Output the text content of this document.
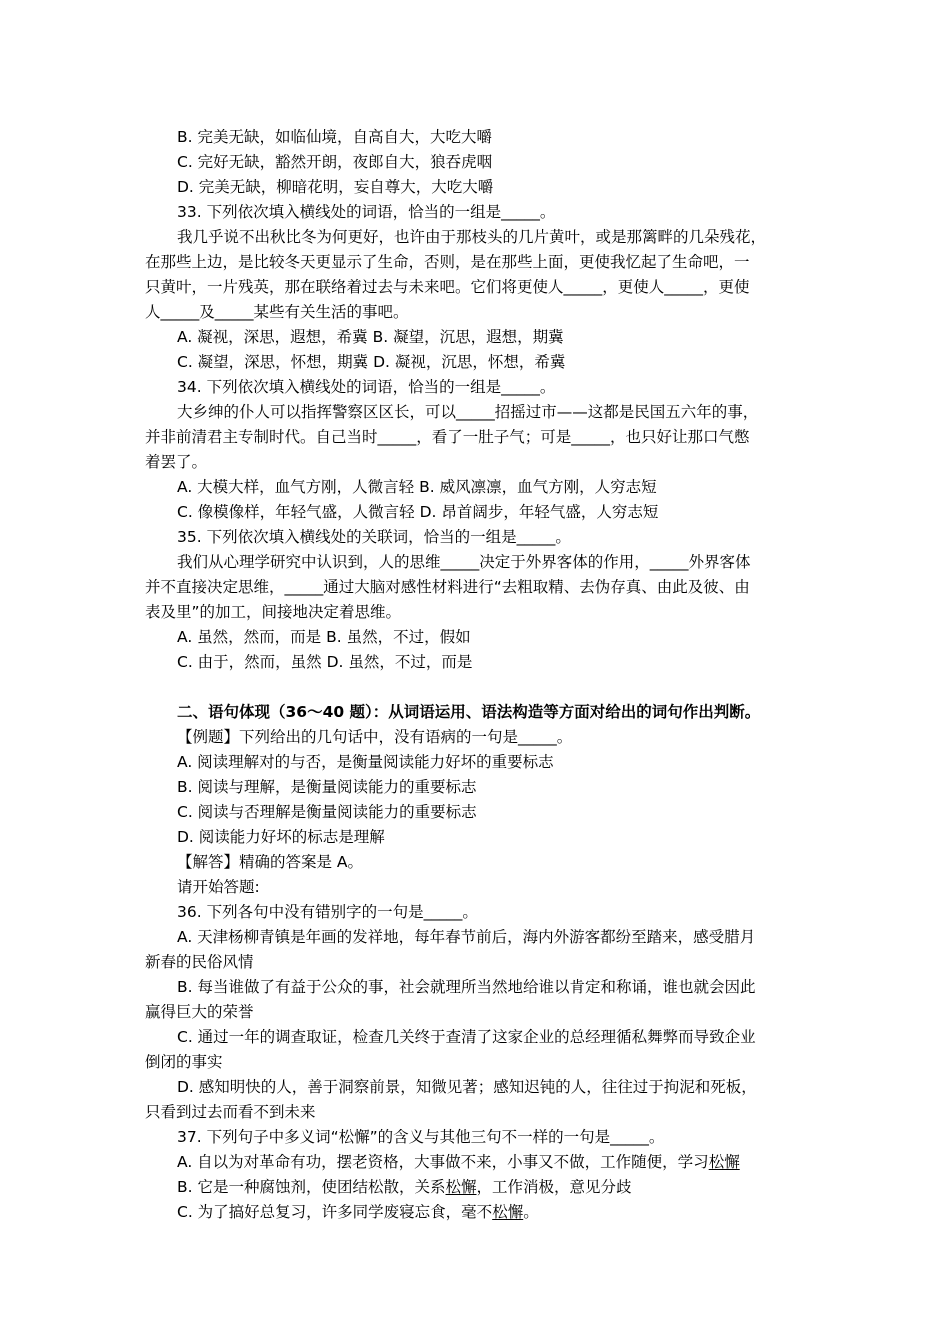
B. 完美无缺，如临仙境，自高自大，大吃大嚼
C. 完好无缺，豁然开朗，夜郎自大，狼吞虎咽
D. 完美无缺，柳暗花明，妄自尊大，大吃大嚼
33. 下列依次填入横线处的词语，恰当的一组是_____。
我几乎说不出秋比冬为何更好，也许由于那枝头的几片黄叶，或是那篱畔的几朵残花，
在那些上边，是比较冬天更显示了生命，否则，是在那些上面，更使我忆起了生命吧，一
只黄叶，一片残英，那在联络着过去与未来吧。它们将更使人_____，更使人_____，更使
人_____及_____某些有关生活的事吧。
A. 凝视，深思，遐想，希冀 B. 凝望，沉思，遐想，期冀
C. 凝望，深思，怀想，期冀 D. 凝视，沉思，怀想，希冀
34. 下列依次填入横线处的词语，恰当的一组是_____。
大乡绅的仆人可以指挥警察区区长，可以_____招摇过市——这都是民国五六年的事，
并非前清君主专制时代。自己当时_____，看了一肚子气；可是_____，也只好让那口气憋
着罢了。
A. 大模大样，血气方刚，人微言轻 B. 威风凛凛，血气方刚，人穷志短
C. 像模像样，年轻气盛，人微言轻 D. 昂首阔步，年轻气盛，人穷志短
35. 下列依次填入横线处的关联词，恰当的一组是_____。
我们从心理学研究中认识到，人的思维_____决定于外界客体的作用，_____外界客体
并不直接决定思维，_____通过大脑对感性材料进行“去粗取精、去伪存真、由此及彼、由
表及里”的加工，间接地决定着思维。
A. 虽然，然而，而是 B. 虽然，不过，假如
C. 由于，然而，虽然 D. 虽然，不过，而是
二、语句体现（36～40 题）：从词语运用、语法构造等方面对给出的词句作出判断。
【例题】下列给出的几句话中，没有语病的一句是_____。
A. 阅读理解对的与否，是衡量阅读能力好坏的重要标志
B. 阅读与理解，是衡量阅读能力的重要标志
C. 阅读与否理解是衡量阅读能力的重要标志
D. 阅读能力好坏的标志是理解
【解答】精确的答案是 A。
请开始答题:
36. 下列各句中没有错别字的一句是_____。
A. 天津杨柳青镇是年画的发祥地，每年春节前后，海内外游客都纷至踏来，感受腊月
新春的民俗风情
B. 每当谁做了有益于公众的事，社会就理所当然地给谁以肯定和称诵，谁也就会因此
赢得巨大的荣誉
C. 通过一年的调查取证，检查几关终于查清了这家企业的总经理循私舞弊而导致企业
倒闭的事实
D. 感知明快的人，善于洞察前景，知微见著；感知迟钝的人，往往过于拘泥和死板，
只看到过去而看不到未来
37. 下列句子中多义词“松懈”的含义与其他三句不一样的一句是_____。
A. 自以为对革命有功，摆老资格，大事做不来，小事又不做，工作随便，学习松懈
B. 它是一种腐蚀剂，使团结松散，关系松懈，工作消极，意见分歧
C. 为了搞好总复习，许多同学废寝忘食，毫不松懈。
